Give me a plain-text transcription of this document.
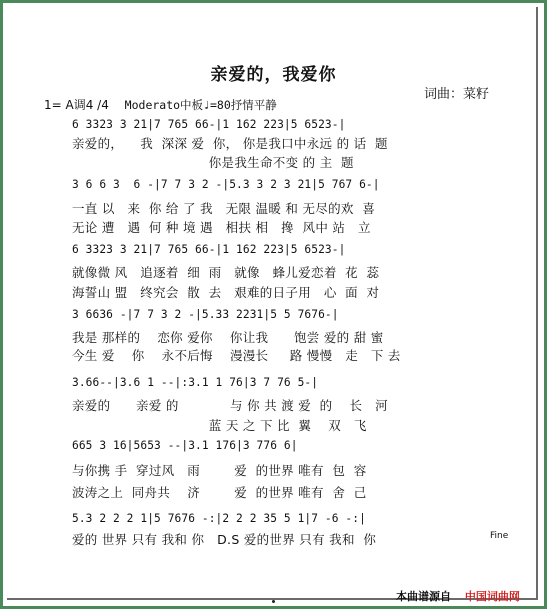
亲爱的，我爱你
词曲：菜籽
1= A调4 /4 Moderato中板♩=80抒情平静
6 3323 3 21|7 765 66-|1 162 223|5 6523-|
亲爱的，    我  深深 爱  你， 你是我口中永远 的 话  题
你是我生命不变 的 主  题
3 6 6 3  6 -|7 7 3 2 -|5.3 3 2 3 21|5 767 6-|
一直 以   来  你 给 了 我   无限 温暖 和 无尽的欢  喜
无论 遭   遇  何 种 境 遇   相扶 相   搀  风中 站   立
6 3323 3 21|7 765 66-|1 162 223|5 6523-|
就像微 风   追逐着  细  雨   就像   蜂儿爱恋着  花  蕊
海誓山 盟   终究会  散  去   艰难的日子用   心  面  对
3 6636 -|7 7 3 2 -|5.33 2231|5 5 7676-|
我是 那样的    恋你 爱你    你让我      饱尝 爱的 甜 蜜
今生 爱    你    永不后悔    漫漫长     路 慢慢   走   下 去
3.66--|3.6 1 --|:3.1 1 76|3 7 76 5-|
亲爱的      亲爱 的            与 你 共 渡 爱  的    长   河
蓝 天 之 下 比  翼    双   飞
665 3 16|5653 --|3.1 176|3 776 6|
与你携 手  穿过风   雨        爱  的世界 唯有  包  容
波涛之上  同舟共    济        爱  的世界 唯有  舍  己
5.3 2 2 2 1|5 7676 -:|2 2 2 35 5 1|7 -6 -:|
爱的 世界 只有 我和 你   D.S 爱的世界 只有 我和  你	Fine
本曲谱源自 中国词曲网
